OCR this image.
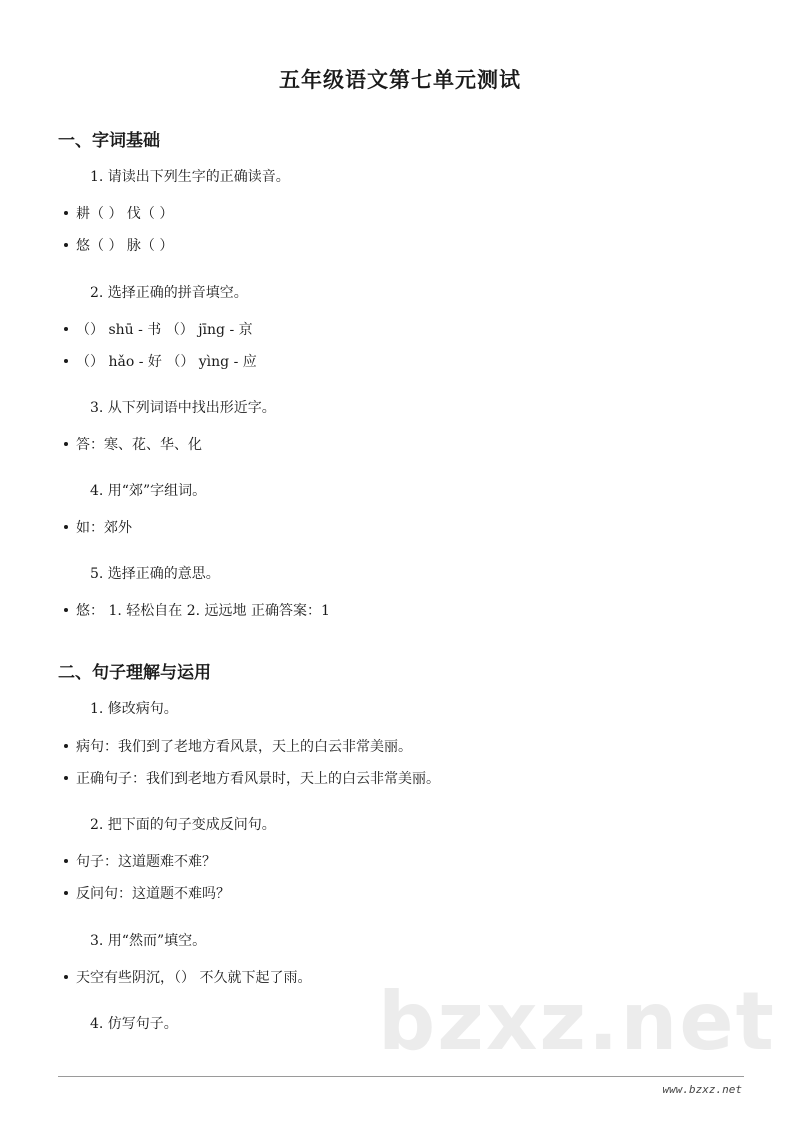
五年级语文第七单元测试
一、字词基础
1. 请读出下列生字的正确读音。
耕（ ） 伐（ ）
悠（ ） 脉（ ）
2. 选择正确的拼音填空。
（） shū - 书 （） jīng - 京
（） hǎo - 好 （） yìng - 应
3. 从下列词语中找出形近字。
答：寒、花、华、化
4. 用“郊”字组词。
如：郊外
5. 选择正确的意思。
悠： 1. 轻松自在 2. 远远地 正确答案：1
二、句子理解与运用
1. 修改病句。
病句：我们到了老地方看风景，天上的白云非常美丽。
正确句子：我们到老地方看风景时，天上的白云非常美丽。
2. 把下面的句子变成反问句。
句子：这道题难不难？
反问句：这道题不难吗？
3. 用“然而”填空。
天空有些阴沉，（） 不久就下起了雨。
4. 仿写句子。	bzxz.net
www.bzxz.net
